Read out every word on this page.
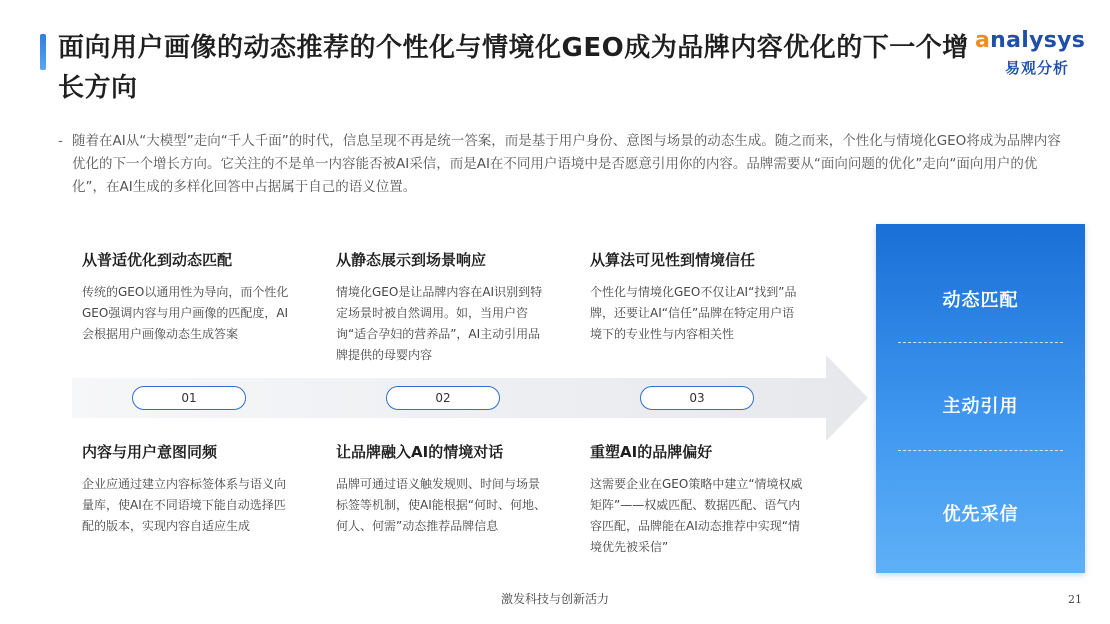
面向用户画像的动态推荐的个性化与情境化GEO成为品牌内容优化的下一个增长方向
analysys
易观分析
- 随着在AI从“大模型”走向“千人千面”的时代，信息呈现不再是统一答案，而是基于用户身份、意图与场景的动态生成。随之而来，个性化与情境化GEO将成为品牌内容优化的下一个增长方向。它关注的不是单一内容能否被AI采信，而是AI在不同用户语境中是否愿意引用你的内容。品牌需要从“面向问题的优化”走向“面向用户的优化”，在AI生成的多样化回答中占据属于自己的语义位置。
01	02	03
从普适优化到动态匹配
传统的GEO以通用性为导向，而个性化GEO强调内容与用户画像的匹配度，AI会根据用户画像动态生成答案
从静态展示到场景响应
情境化GEO是让品牌内容在AI识别到特定场景时被自然调用。如，当用户咨询“适合孕妇的营养品”，AI主动引用品牌提供的母婴内容
从算法可见性到情境信任
个性化与情境化GEO不仅让AI“找到”品牌，还要让AI“信任”品牌在特定用户语境下的专业性与内容相关性
内容与用户意图同频
企业应通过建立内容标签体系与语义向量库，使AI在不同语境下能自动选择匹配的版本，实现内容自适应生成
让品牌融入AI的情境对话
品牌可通过语义触发规则、时间与场景标签等机制，使AI能根据“何时、何地、何人、何需”动态推荐品牌信息
重塑AI的品牌偏好
这需要企业在GEO策略中建立“情境权威矩阵”——权威匹配、数据匹配、语气内容匹配，品牌能在AI动态推荐中实现“情境优先被采信”
动态匹配
主动引用
优先采信
激发科技与创新活力	21
